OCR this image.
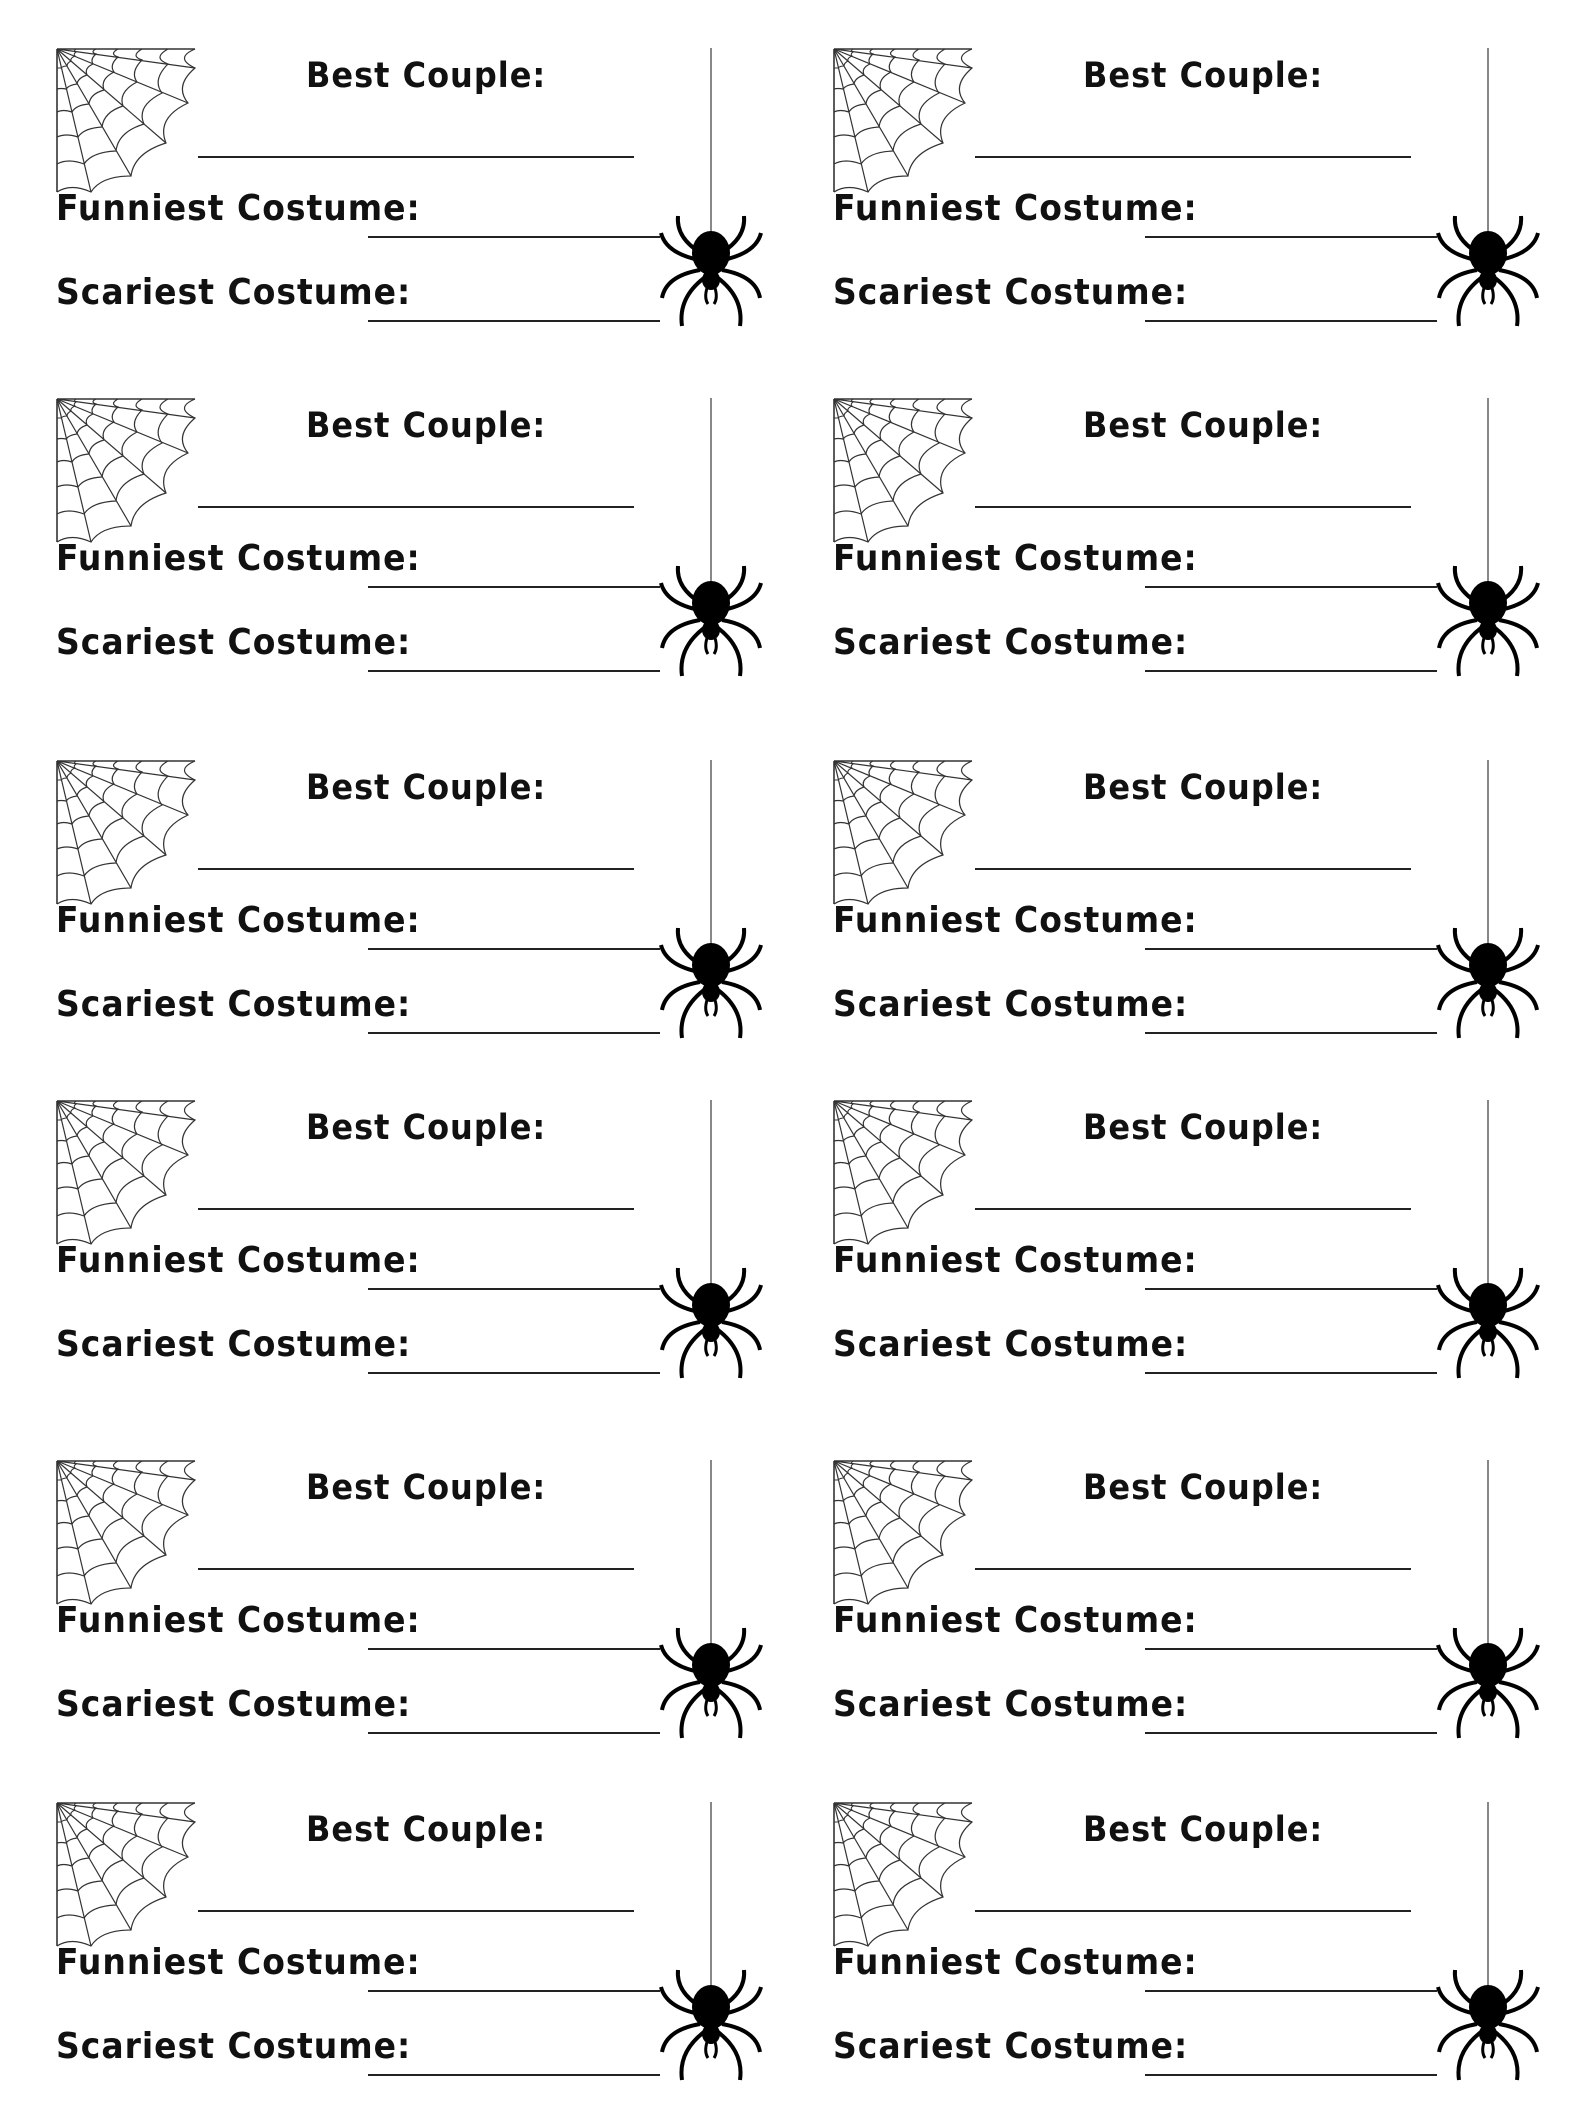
Best Couple:
Funniest Costume:
Scariest Costume:
Best Couple:
Funniest Costume:
Scariest Costume:
Best Couple:
Funniest Costume:
Scariest Costume:
Best Couple:
Funniest Costume:
Scariest Costume:
Best Couple:
Funniest Costume:
Scariest Costume:
Best Couple:
Funniest Costume:
Scariest Costume:
Best Couple:
Funniest Costume:
Scariest Costume:
Best Couple:
Funniest Costume:
Scariest Costume:
Best Couple:
Funniest Costume:
Scariest Costume:
Best Couple:
Funniest Costume:
Scariest Costume:
Best Couple:
Funniest Costume:
Scariest Costume:
Best Couple:
Funniest Costume:
Scariest Costume:
